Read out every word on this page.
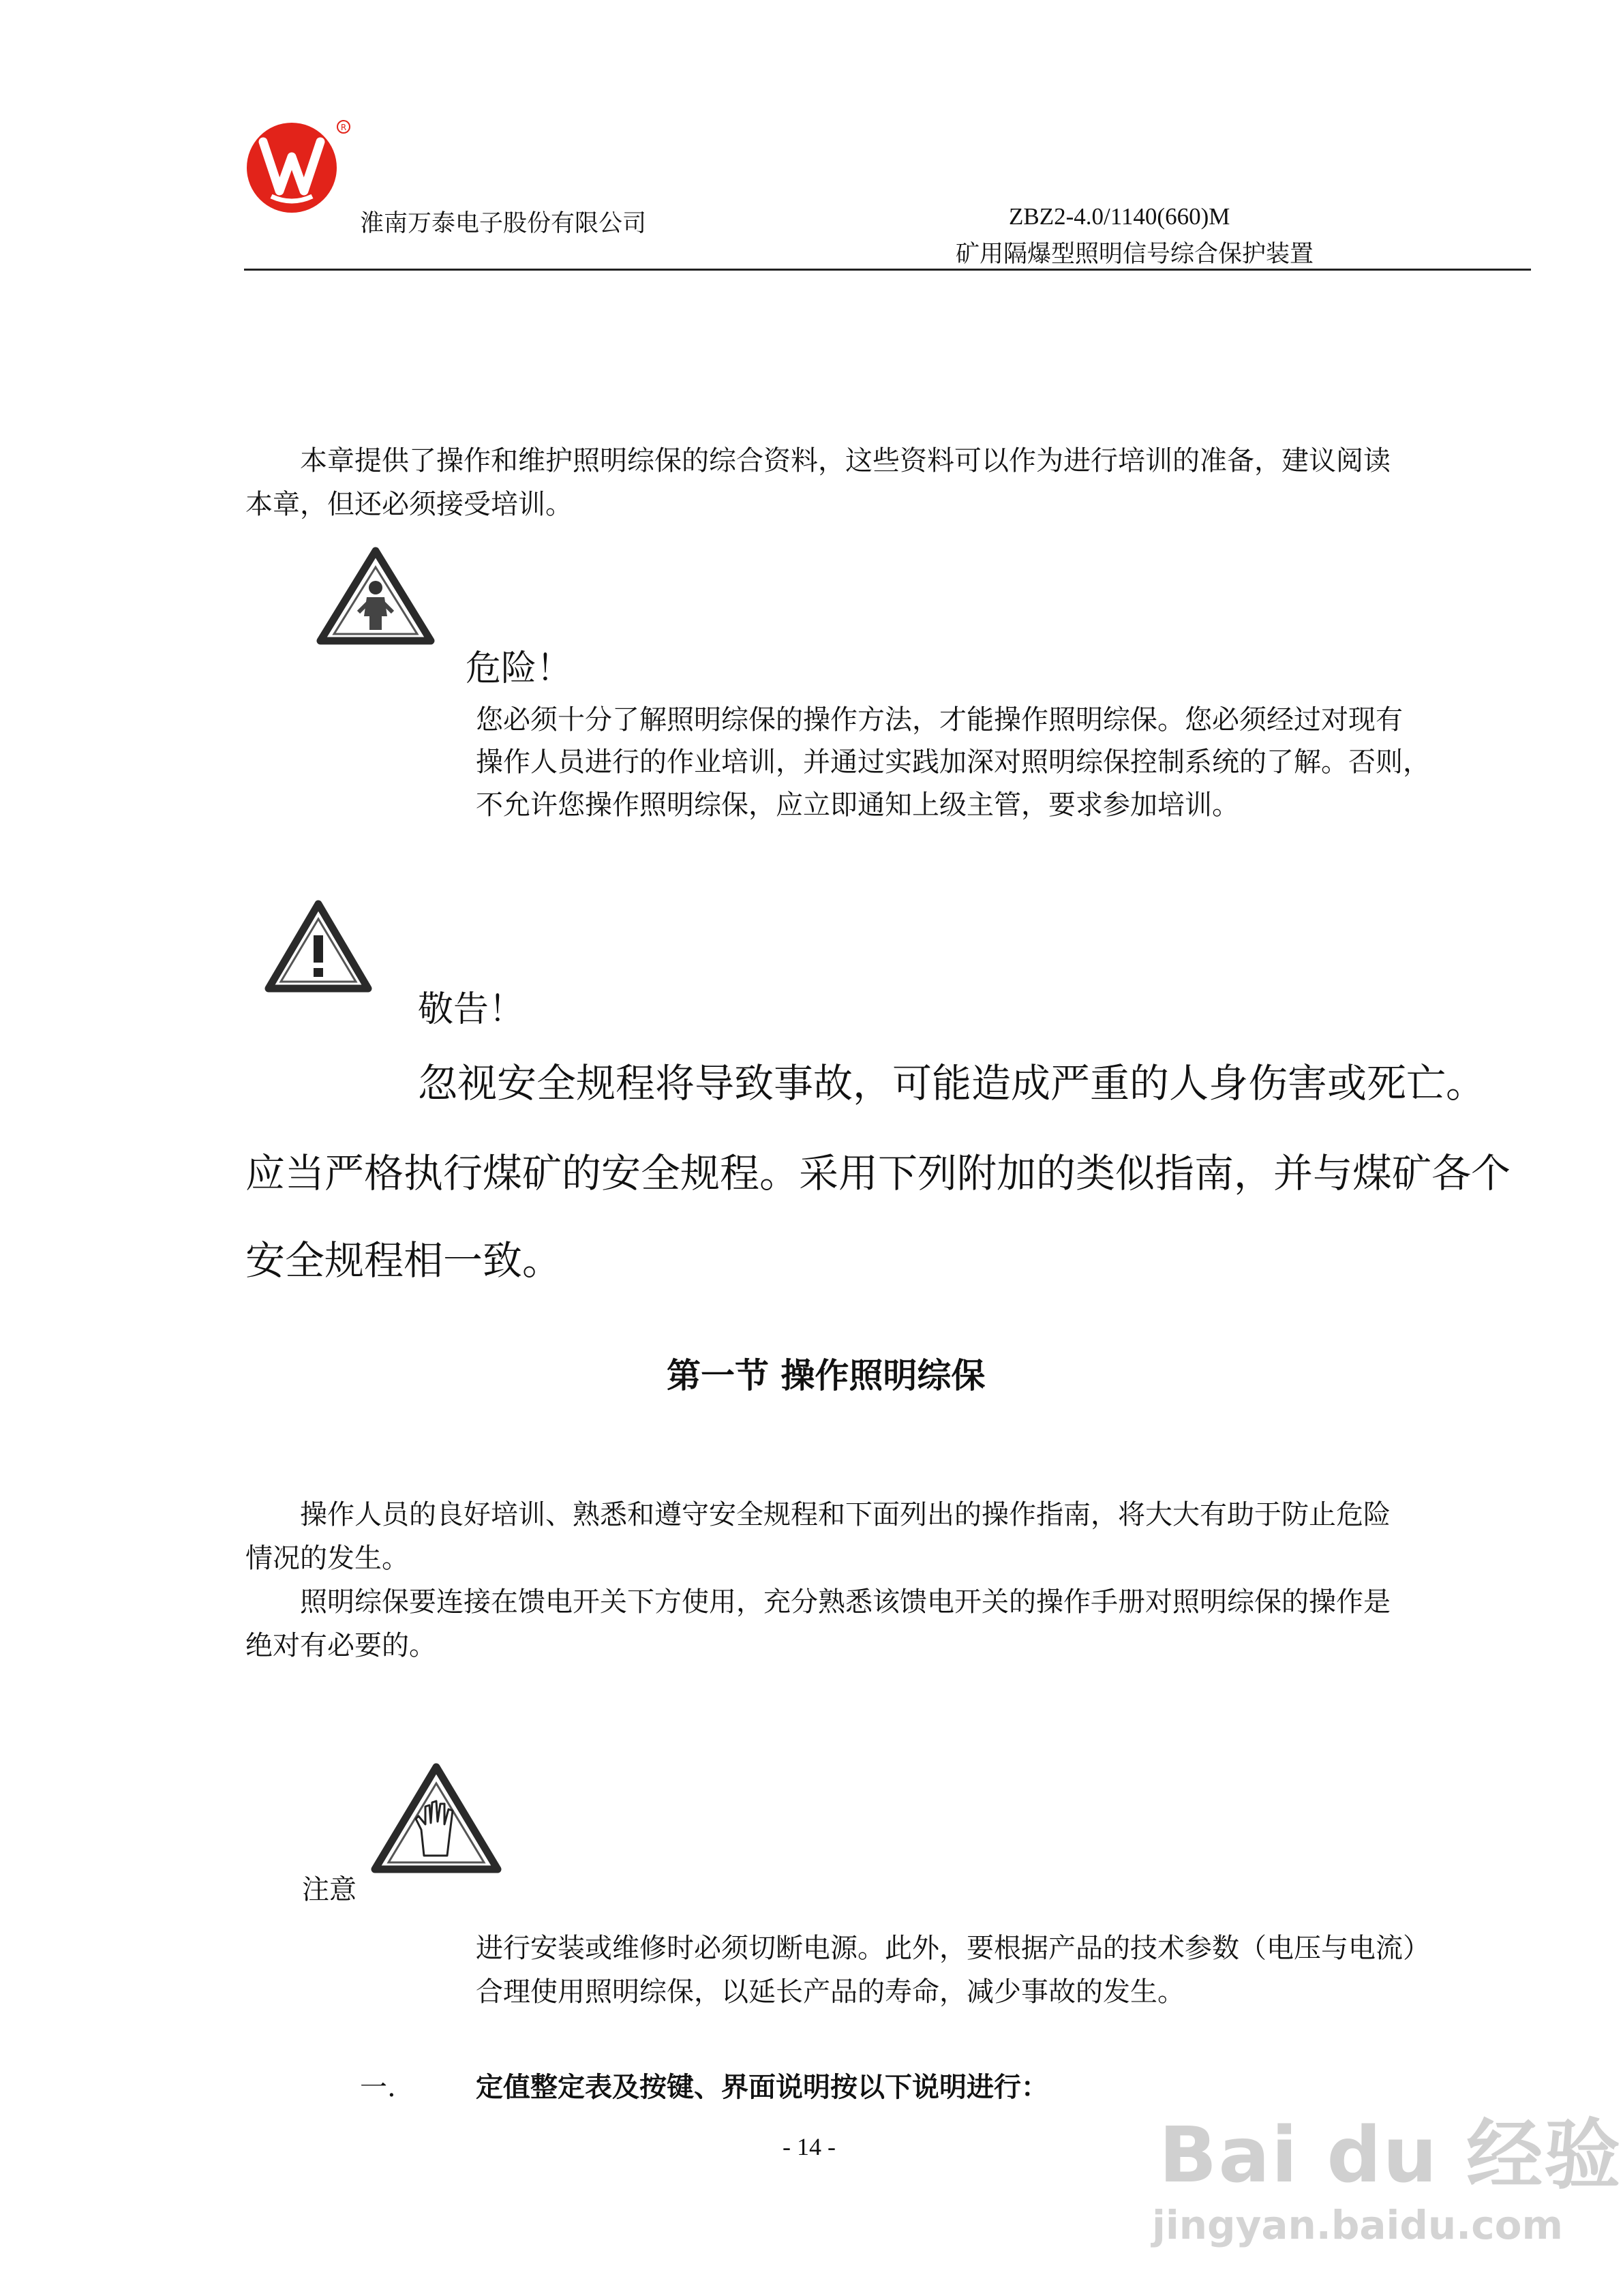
R
淮南万泰电子股份有限公司	ZBZ2-4.0/1140(660)M
矿用隔爆型照明信号综合保护装置
本章提供了操作和维护照明综保的综合资料，这些资料可以作为进行培训的准备，建议阅读
本章，但还必须接受培训。
危险！
您必须十分了解照明综保的操作方法，才能操作照明综保。您必须经过对现有
操作人员进行的作业培训，并通过实践加深对照明综保控制系统的了解。否则，
不允许您操作照明综保，应立即通知上级主管，要求参加培训。
敬告！
忽视安全规程将导致事故，可能造成严重的人身伤害或死亡。
应当严格执行煤矿的安全规程。采用下列附加的类似指南，并与煤矿各个
安全规程相一致。
第一节 操作照明综保
操作人员的良好培训、熟悉和遵守安全规程和下面列出的操作指南，将大大有助于防止危险
情况的发生。
照明综保要连接在馈电开关下方使用，充分熟悉该馈电开关的操作手册对照明综保的操作是
绝对有必要的。
注意
进行安装或维修时必须切断电源。此外，要根据产品的技术参数（电压与电流）
合理使用照明综保，以延长产品的寿命，减少事故的发生。
一.	定值整定表及按键、界面说明按以下说明进行：
- 14 -	Bai du 经验
jingyan.baidu.com
